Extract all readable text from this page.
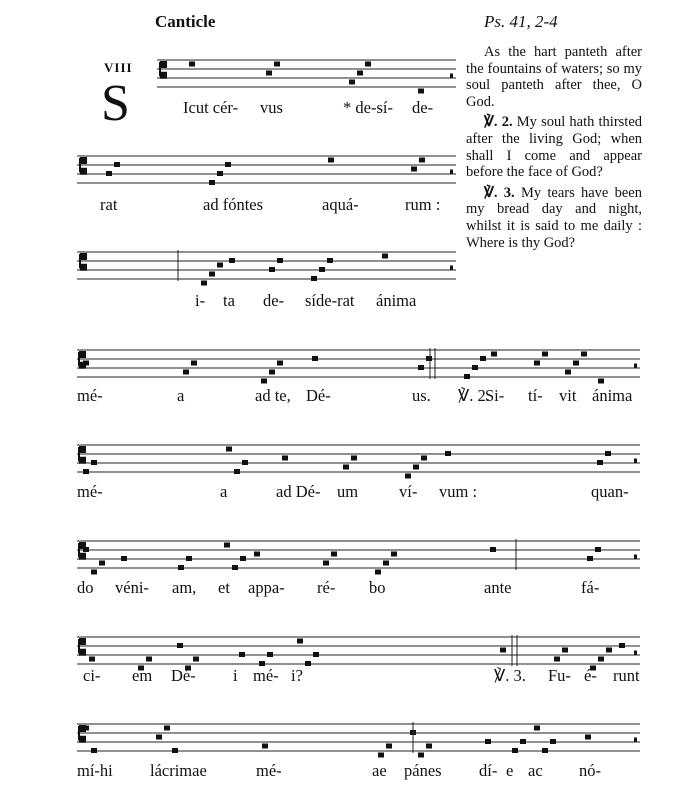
Canticle	Ps. 41, 2-4
VIII
S

As the hart panteth after the fountains of waters; so my soul panteth after thee, O God.

℣. 2. My soul hath thirsted after the living God; when shall I come and appear before the face of God?

℣. 3. My tears have been my bread day and night, whilst it is said to me daily : Where is thy God?

Icut cér- vus	* de-sí- de-
rat	ad fóntes	aquá-	rum :
i- ta de- síde-rat ánima
mé-	a	ad te, Dé-	us. ℣. 2.
Si- tí- vit ánima
mé-	a	ad Dé- um ví- vum :	quan-
do véni- am, et appa- ré- bo	ante	fá-
ci- em Dé- i mé- i?	℣. 3. Fu- é- runt
mí-hi lácrimae	mé-	ae pánes dí- e ac nó-
